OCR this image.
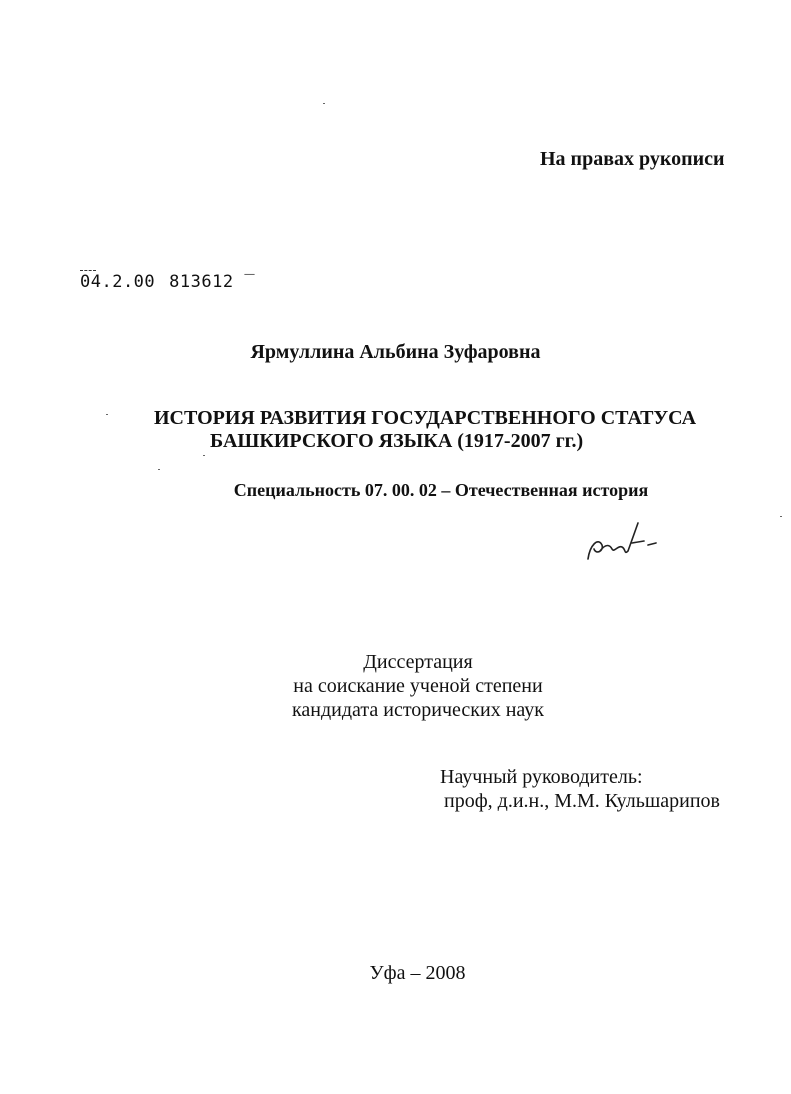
На правах рукописи
04.2.00 813612 ‾
Ярмуллина Альбина Зуфаровна
ИСТОРИЯ РАЗВИТИЯ ГОСУДАРСТВЕННОГО СТАТУСА
БАШКИРСКОГО ЯЗЫКА (1917-2007 гг.)
Специальность 07. 00. 02 – Отечественная история
Диссертация
на соискание ученой степени
кандидата исторических наук
Научный руководитель:
проф, д.и.н., М.М. Кульшарипов
Уфа – 2008
